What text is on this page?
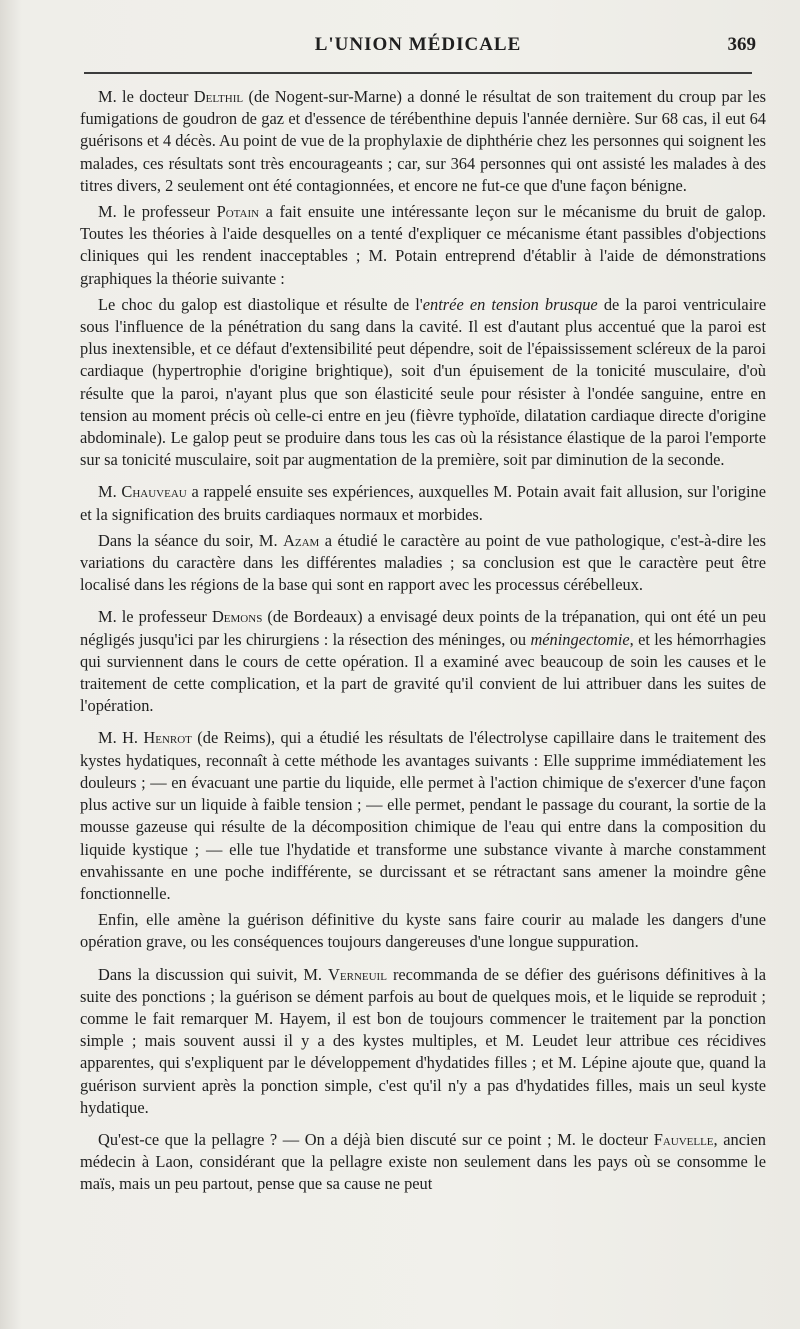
L'UNION MÉDICALE	369

M. le docteur Delthil (de Nogent-sur-Marne) a donné le résultat de son traitement du croup par les fumigations de goudron de gaz et d'essence de térébenthine depuis l'année dernière. Sur 68 cas, il eut 64 guérisons et 4 décès. Au point de vue de la prophylaxie de diphthérie chez les personnes qui soignent les malades, ces résultats sont très encourageants ; car, sur 364 personnes qui ont assisté les malades à des titres divers, 2 seulement ont été contagionnées, et encore ne fut-ce que d'une façon bénigne.

M. le professeur Potain a fait ensuite une intéressante leçon sur le mécanisme du bruit de galop. Toutes les théories à l'aide desquelles on a tenté d'expliquer ce mécanisme étant passibles d'objections cliniques qui les rendent inacceptables ; M. Potain entreprend d'établir à l'aide de démonstrations graphiques la théorie suivante :

Le choc du galop est diastolique et résulte de l'entrée en tension brusque de la paroi ventriculaire sous l'influence de la pénétration du sang dans la cavité. Il est d'autant plus accentué que la paroi est plus inextensible, et ce défaut d'extensibilité peut dépendre, soit de l'épaississement scléreux de la paroi cardiaque (hypertrophie d'origine brightique), soit d'un épuisement de la tonicité musculaire, d'où résulte que la paroi, n'ayant plus que son élasticité seule pour résister à l'ondée sanguine, entre en tension au moment précis où celle-ci entre en jeu (fièvre typhoïde, dilatation cardiaque directe d'origine abdominale). Le galop peut se produire dans tous les cas où la résistance élastique de la paroi l'emporte sur sa tonicité musculaire, soit par augmentation de la première, soit par diminution de la seconde.

M. Chauveau a rappelé ensuite ses expériences, auxquelles M. Potain avait fait allusion, sur l'origine et la signification des bruits cardiaques normaux et morbides.

Dans la séance du soir, M. Azam a étudié le caractère au point de vue pathologique, c'est-à-dire les variations du caractère dans les différentes maladies ; sa conclusion est que le caractère peut être localisé dans les régions de la base qui sont en rapport avec les processus cérébelleux.

M. le professeur Demons (de Bordeaux) a envisagé deux points de la trépanation, qui ont été un peu négligés jusqu'ici par les chirurgiens : la résection des méninges, ou méningectomie, et les hémorrhagies qui surviennent dans le cours de cette opération. Il a examiné avec beaucoup de soin les causes et le traitement de cette complication, et la part de gravité qu'il convient de lui attribuer dans les suites de l'opération.

M. H. Henrot (de Reims), qui a étudié les résultats de l'électrolyse capillaire dans le traitement des kystes hydatiques, reconnaît à cette méthode les avantages suivants : Elle supprime immédiatement les douleurs ; — en évacuant une partie du liquide, elle permet à l'action chimique de s'exercer d'une façon plus active sur un liquide à faible tension ; — elle permet, pendant le passage du courant, la sortie de la mousse gazeuse qui résulte de la décomposition chimique de l'eau qui entre dans la composition du liquide kystique ; — elle tue l'hydatide et transforme une substance vivante à marche constamment envahissante en une poche indifférente, se durcissant et se rétractant sans amener la moindre gêne fonctionnelle.

Enfin, elle amène la guérison définitive du kyste sans faire courir au malade les dangers d'une opération grave, ou les conséquences toujours dangereuses d'une longue suppuration.

Dans la discussion qui suivit, M. Verneuil recommanda de se défier des guérisons définitives à la suite des ponctions ; la guérison se dément parfois au bout de quelques mois, et le liquide se reproduit ; comme le fait remarquer M. Hayem, il est bon de toujours commencer le traitement par la ponction simple ; mais souvent aussi il y a des kystes multiples, et M. Leudet leur attribue ces récidives apparentes, qui s'expliquent par le développement d'hydatides filles ; et M. Lépine ajoute que, quand la guérison survient après la ponction simple, c'est qu'il n'y a pas d'hydatides filles, mais un seul kyste hydatique.

Qu'est-ce que la pellagre ? — On a déjà bien discuté sur ce point ; M. le docteur Fauvelle, ancien médecin à Laon, considérant que la pellagre existe non seulement dans les pays où se consomme le maïs, mais un peu partout, pense que sa cause ne peut
